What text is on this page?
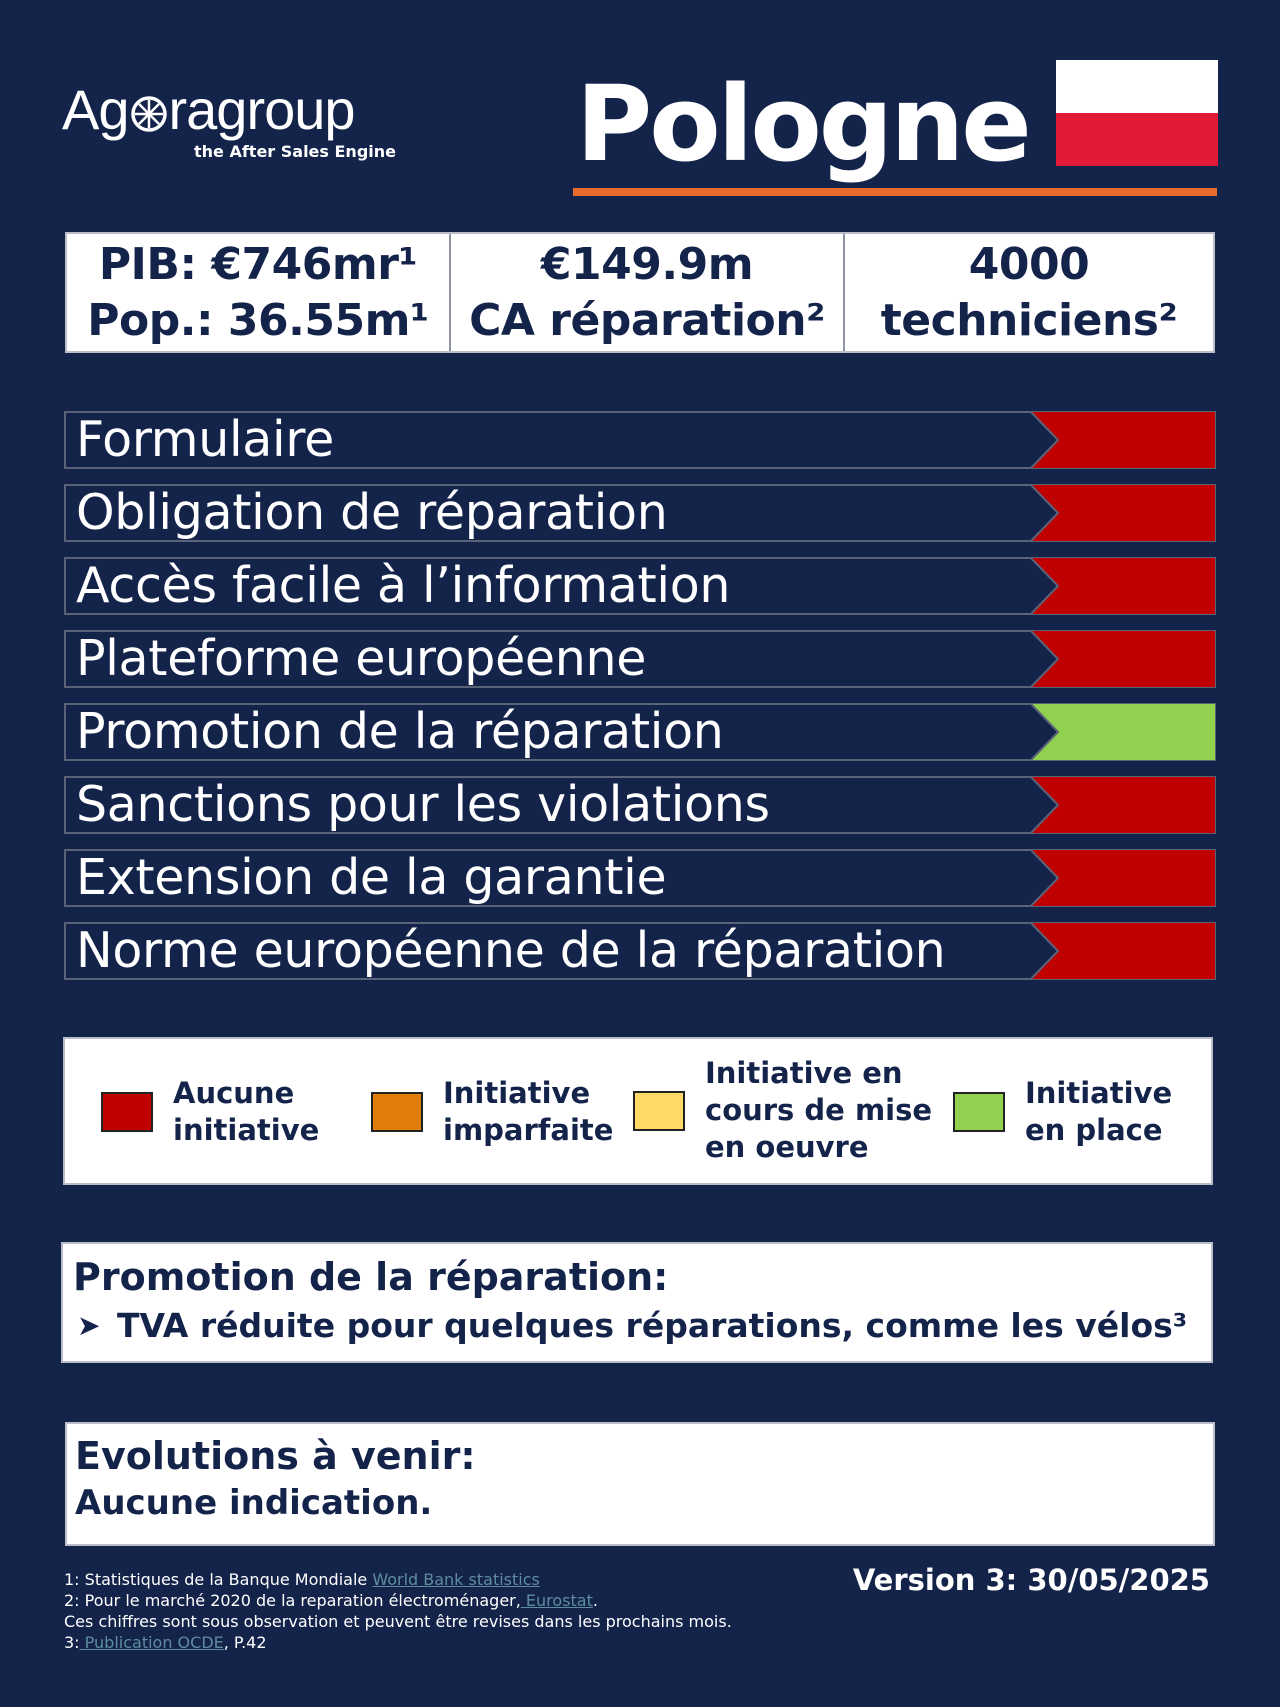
Ag ragroup
the After Sales Engine Pologne
PIB: €746mr¹
Pop.: 36.55m¹
€149.9m
CA réparation²
4000
techniciens²
Formulaire
Obligation de réparation
Accès facile à l’information
Plateforme européenne
Promotion de la réparation
Sanctions pour les violations
Extension de la garantie
Norme européenne de la réparation
Aucune
initiative
Initiative
imparfaite
Initiative en
cours de mise
en oeuvre
Initiative
en place
Promotion de la réparation:
➤ TVA réduite pour quelques réparations, comme les vélos³
Evolutions à venir:

Aucune indication.

1: Statistiques de la Banque Mondiale World Bank statistics
2: Pour le marché 2020 de la reparation électroménager, Eurostat.
Ces chiffres sont sous observation et peuvent être revises dans les prochains mois.
3: Publication OCDE, P.42
Version 3: 30/05/2025
